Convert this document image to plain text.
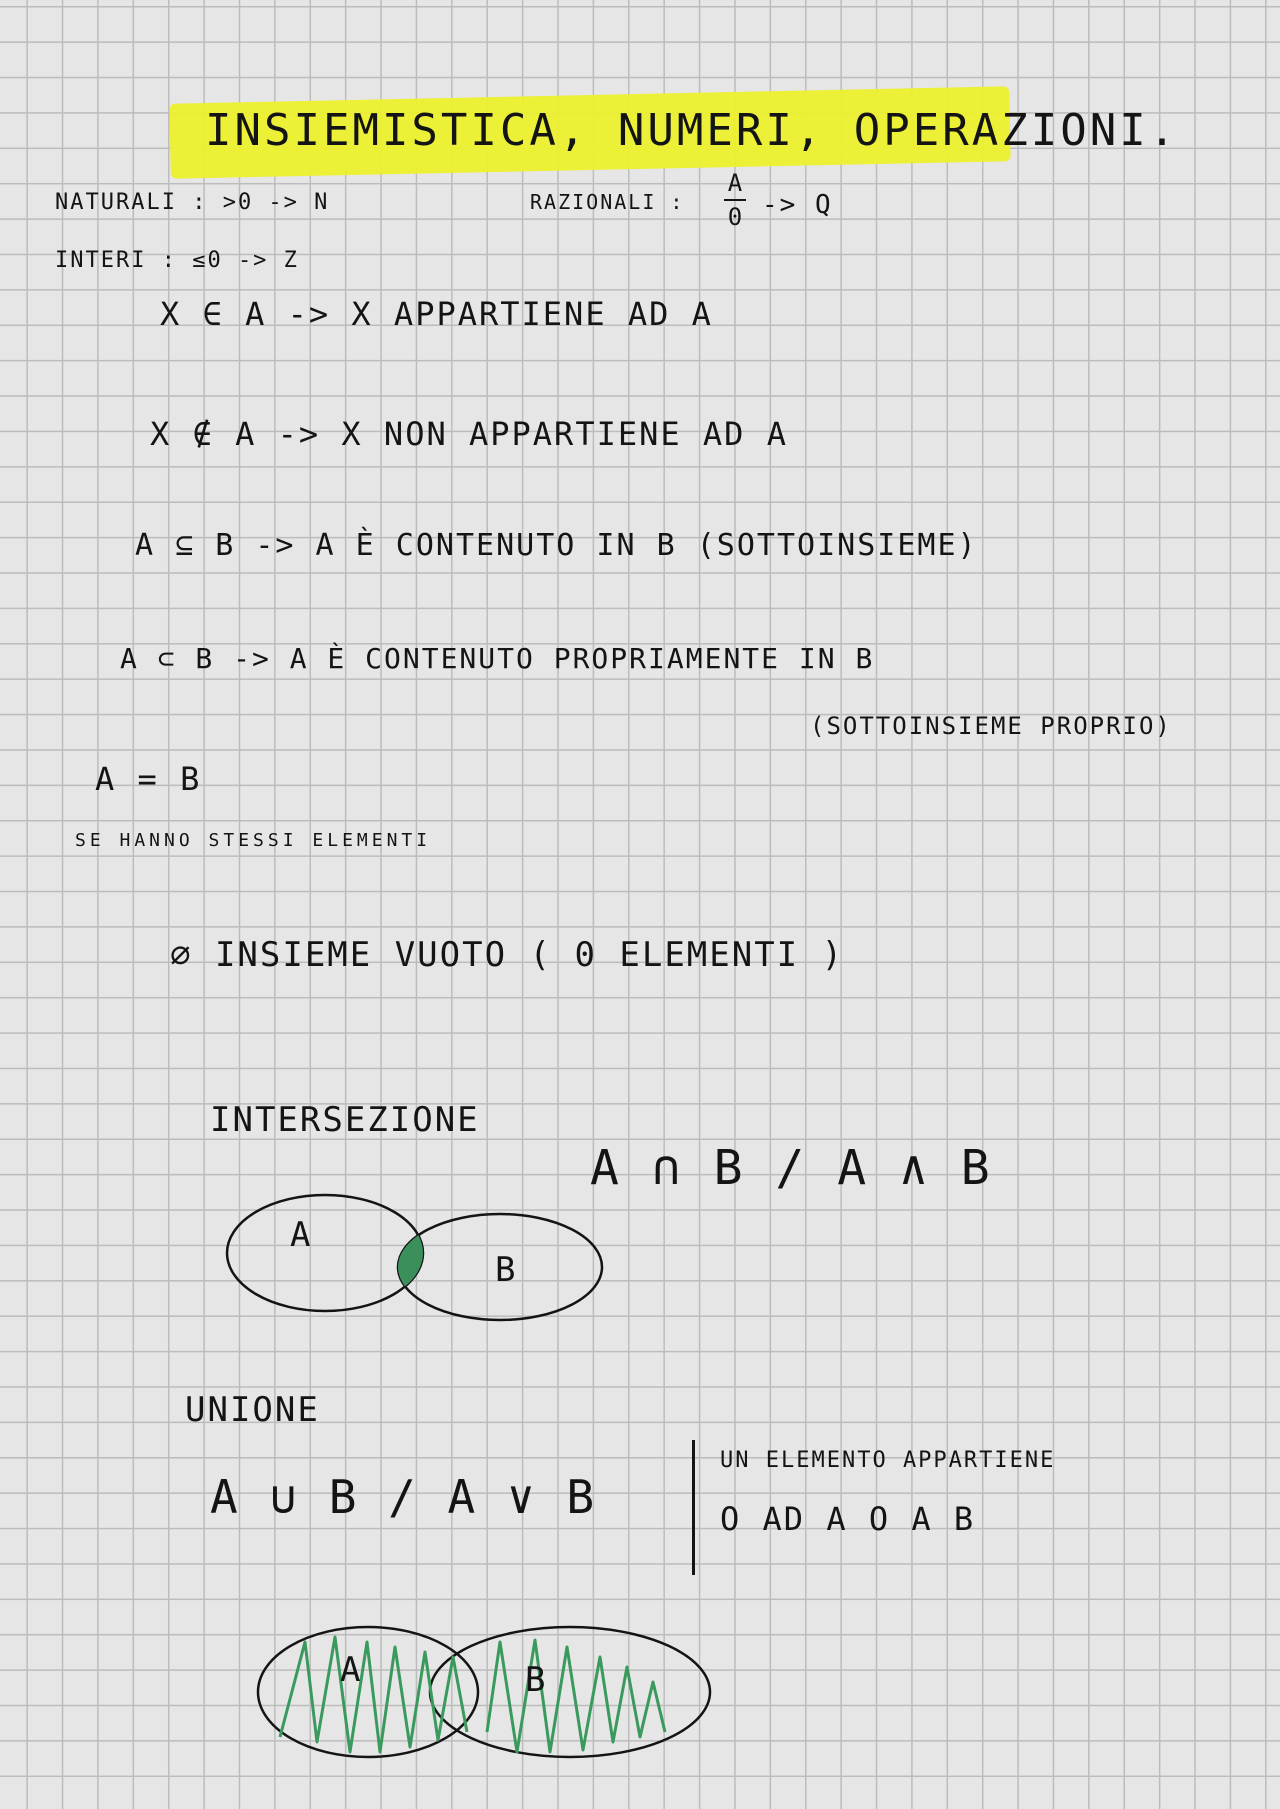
INSIEMISTICA, NUMERI, OPERAZIONI.
NATURALI : >0 -> N
INTERI : ≤0 -> Z
RAZIONALI :
A
0 -> Q
X ∈ A -> X APPARTIENE AD A
X ∉ A -> X NON APPARTIENE AD A
A ⊆ B -> A È CONTENUTO IN B (SOTTOINSIEME)
A ⊂ B -> A È CONTENUTO PROPRIAMENTE IN B
(SOTTOINSIEME PROPRIO)
A = B
SE HANNO STESSI ELEMENTI
∅ INSIEME VUOTO ( 0 ELEMENTI )
INTERSEZIONE
A ∩ B / A ∧ B
A
B
UNIONE
A ∪ B / A ∨ B
UN ELEMENTO APPARTIENE
O AD A O A B
A	B
